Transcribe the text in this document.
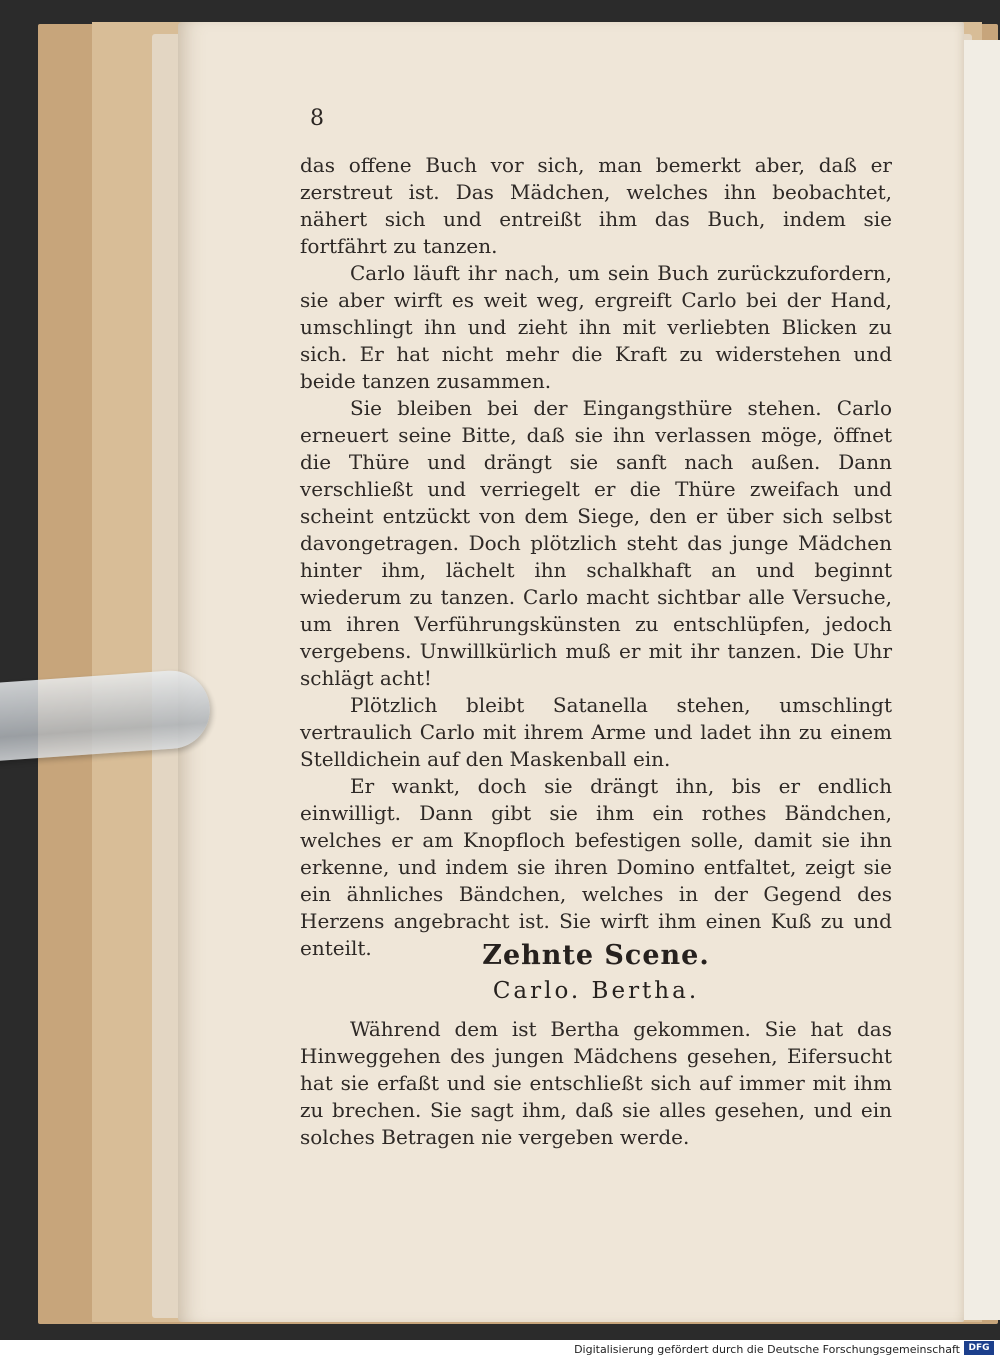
8

das offene Buch vor sich, man bemerkt aber, daß er zerstreut ist. Das Mädchen, welches ihn beobachtet, nähert sich und entreißt ihm das Buch, indem sie fortfährt zu tanzen.

Carlo läuft ihr nach, um sein Buch zurückzufordern, sie aber wirft es weit weg, ergreift Carlo bei der Hand, umschlingt ihn und zieht ihn mit verliebten Blicken zu sich. Er hat nicht mehr die Kraft zu widerstehen und beide tanzen zusammen.

Sie bleiben bei der Eingangsthüre stehen. Carlo erneuert seine Bitte, daß sie ihn verlassen möge, öffnet die Thüre und drängt sie sanft nach außen. Dann verschließt und verriegelt er die Thüre zweifach und scheint entzückt von dem Siege, den er über sich selbst davongetragen. Doch plötzlich steht das junge Mädchen hinter ihm, lächelt ihn schalkhaft an und beginnt wiederum zu tanzen. Carlo macht sichtbar alle Versuche, um ihren Verführungskünsten zu entschlüpfen, jedoch vergebens. Unwillkürlich muß er mit ihr tanzen. Die Uhr schlägt acht!

Plötzlich bleibt Satanella stehen, umschlingt vertraulich Carlo mit ihrem Arme und ladet ihn zu einem Stelldichein auf den Maskenball ein.

Er wankt, doch sie drängt ihn, bis er endlich einwilligt. Dann gibt sie ihm ein rothes Bändchen, welches er am Knopfloch befestigen solle, damit sie ihn erkenne, und indem sie ihren Domino entfaltet, zeigt sie ein ähnliches Bändchen, welches in der Gegend des Herzens angebracht ist. Sie wirft ihm einen Kuß zu und enteilt.	Zehnte Scene.
Carlo. Bertha.

Während dem ist Bertha gekommen. Sie hat das Hinweggehen des jungen Mädchens gesehen, Eifersucht hat sie erfaßt und sie entschließt sich auf immer mit ihm zu brechen. Sie sagt ihm, daß sie alles gesehen, und ein solches Betragen nie vergeben werde.

Digitalisierung gefördert durch die Deutsche Forschungsgemeinschaft DFG
